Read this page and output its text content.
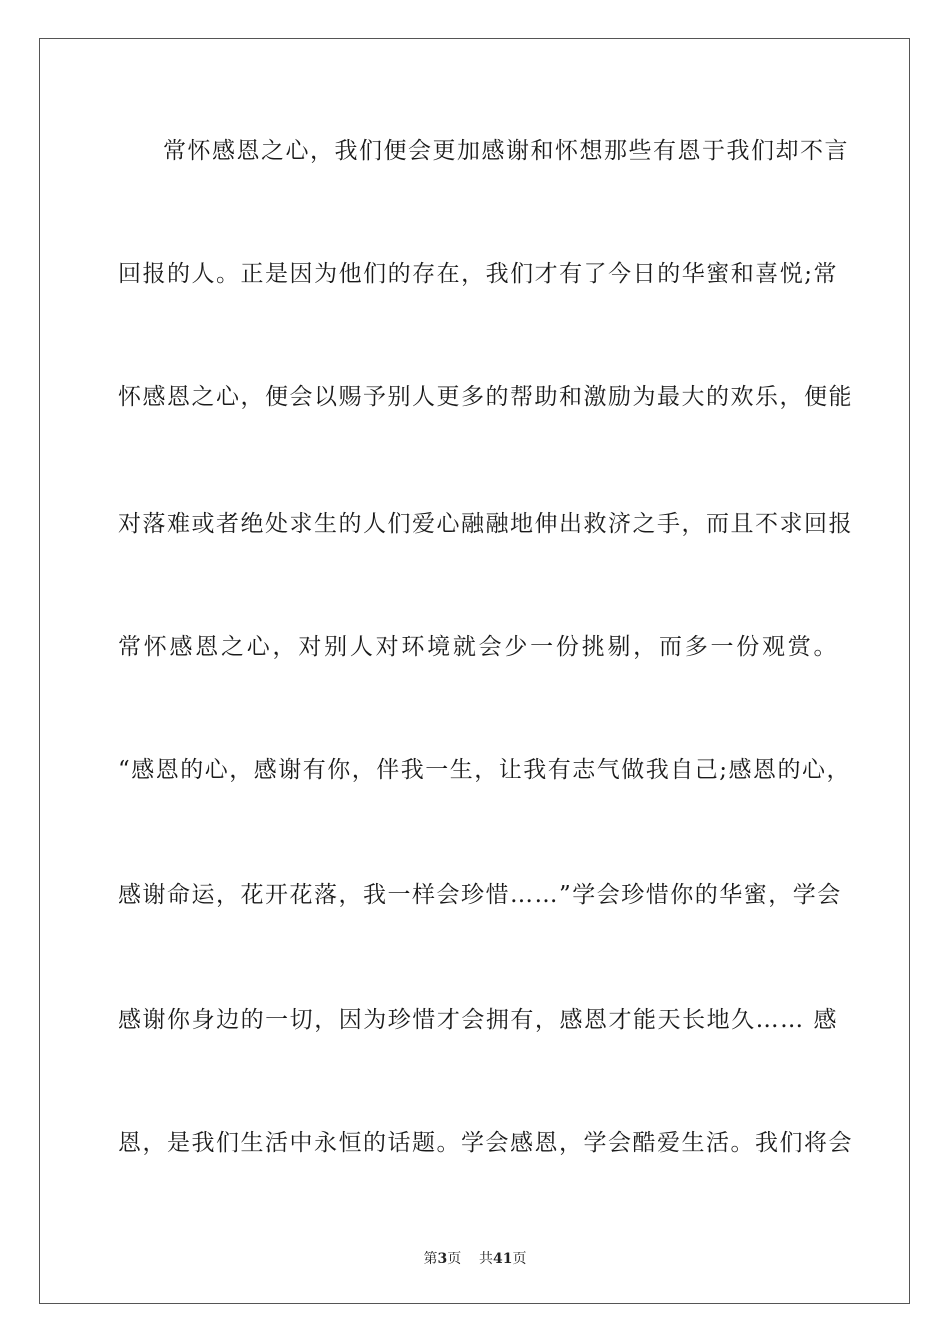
常怀感恩之心，我们便会更加感谢和怀想那些有恩于我们却不言
回报的人。正是因为他们的存在，我们才有了今日的华蜜和喜悦;常
怀感恩之心，便会以赐予别人更多的帮助和激励为最大的欢乐，便能
对落难或者绝处求生的人们爱心融融地伸出救济之手，而且不求回报
常怀感恩之心，对别人对环境就会少一份挑剔，而多一份观赏。
“感恩的心，感谢有你，伴我一生，让我有志气做我自己;感恩的心，
感谢命运，花开花落，我一样会珍惜……”学会珍惜你的华蜜，学会
感谢你身边的一切，因为珍惜才会拥有，感恩才能天长地久…… 感
恩，是我们生活中永恒的话题。学会感恩，学会酷爱生活。我们将会
第3页 共41页
